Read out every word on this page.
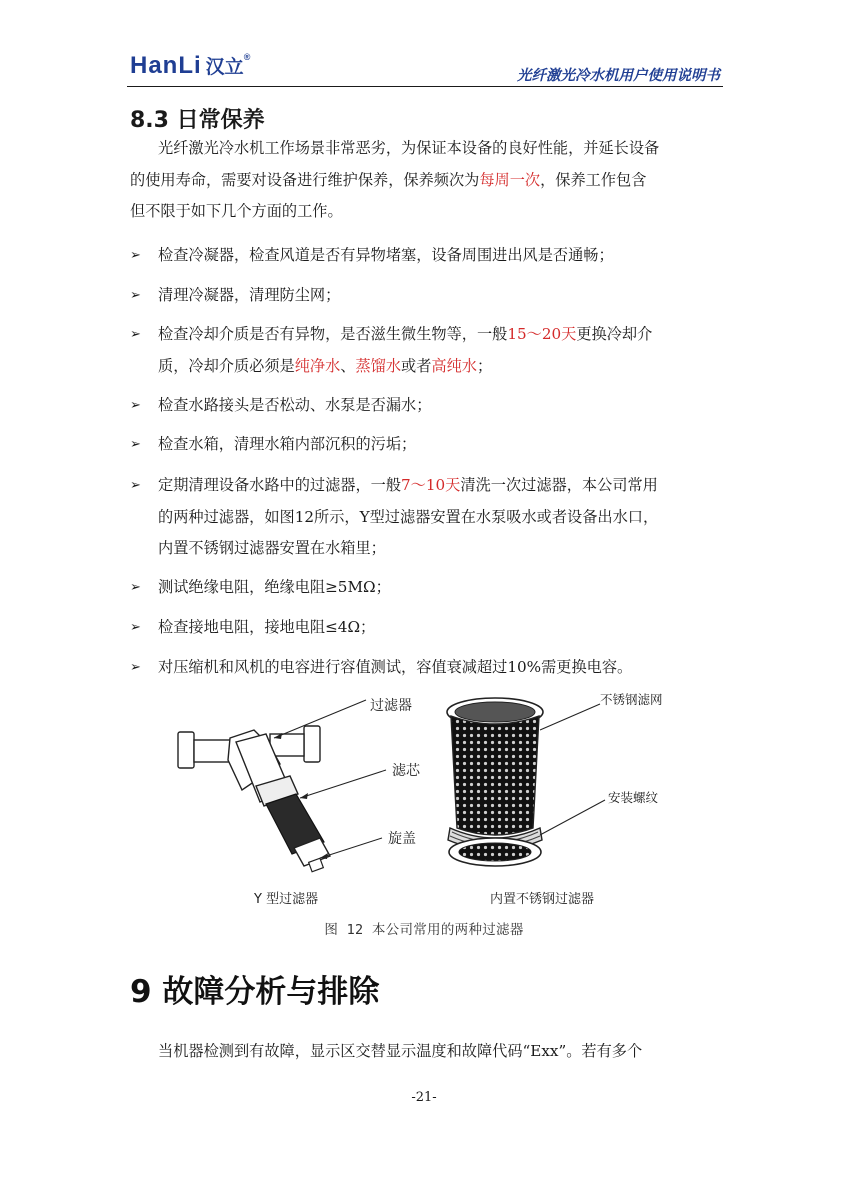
HanLi 汉立®
光纤激光冷水机用户使用说明书
8.3 日常保养
光纤激光冷水机工作场景非常恶劣，为保证本设备的良好性能，并延长设备
的使用寿命，需要对设备进行维护保养，保养频次为每周一次，保养工作包含
但不限于如下几个方面的工作。
➢	检查冷凝器，检查风道是否有异物堵塞，设备周围进出风是否通畅；
➢	清理冷凝器，清理防尘网；
➢	检查冷却介质是否有异物，是否滋生微生物等，一般15～20天更换冷却介
质，冷却介质必须是纯净水、蒸馏水或者高纯水；
➢	检查水路接头是否松动、水泵是否漏水；
➢	检查水箱，清理水箱内部沉积的污垢；
➢	定期清理设备水路中的过滤器，一般7～10天清洗一次过滤器，本公司常用
的两种过滤器，如图12所示，Y型过滤器安置在水泵吸水或者设备出水口，
内置不锈钢过滤器安置在水箱里；
➢	测试绝缘电阻，绝缘电阻≥5MΩ；
➢	检查接地电阻，接地电阻≤4Ω；
➢	对压缩机和风机的电容进行容值测试，容值衰减超过10%需更换电容。
过滤器
滤芯
旋盖
Y 型过滤器
不锈钢滤网
安装螺纹
内置不锈钢过滤器
图 12 本公司常用的两种过滤器
9 故障分析与排除
当机器检测到有故障，显示区交替显示温度和故障代码“Exx”。若有多个
-21-
